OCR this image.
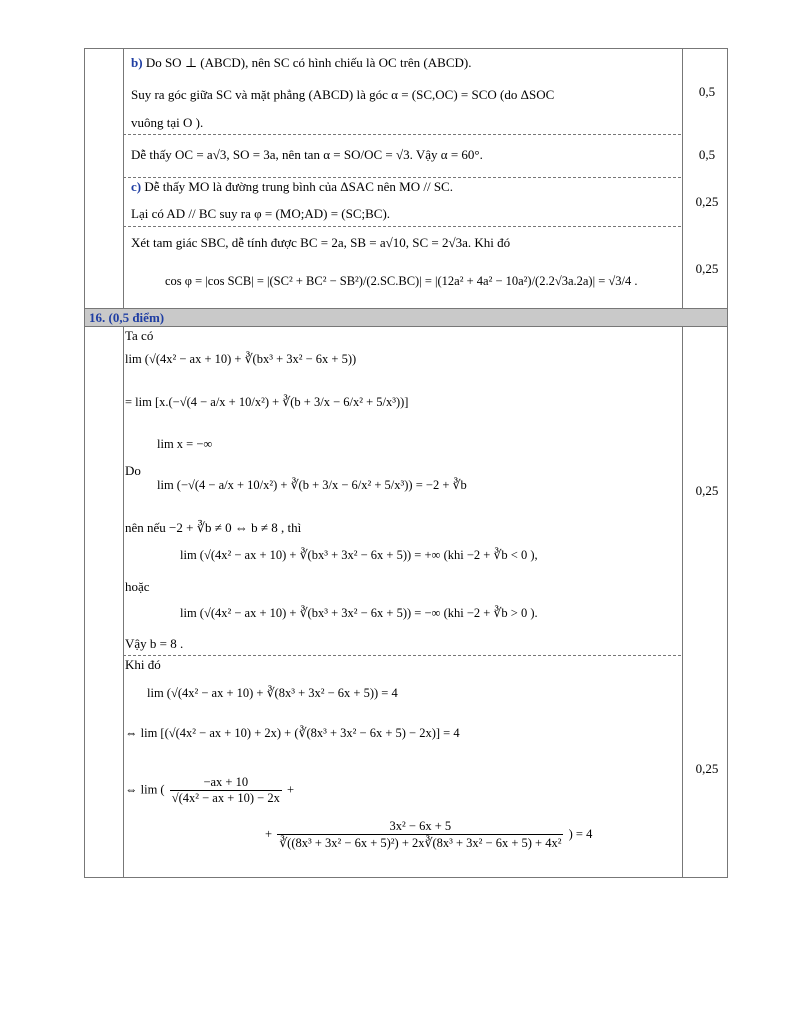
b) Do SO ⊥ (ABCD), nên SC có hình chiếu là OC trên (ABCD).
Suy ra góc giữa SC và mặt phẳng (ABCD) là góc α = (SC,OC) = SCO (do ΔSOC
vuông tại O ).
0,5
Dễ thấy OC = a√3, SO = 3a, nên tan α = SO/OC = √3. Vậy α = 60°.	0,5
c) Dễ thấy MO là đường trung bình của ΔSAC nên MO // SC.
Lại có AD // BC suy ra φ = (MO;AD) = (SC;BC).
0,25
Xét tam giác SBC, dễ tính được BC = 2a, SB = a√10, SC = 2√3a. Khi đó
cos φ = |cos SCB| = |(SC² + BC² − SB²)/(2.SC.BC)| = |(12a² + 4a² − 10a²)/(2.2√3a.2a)| = √3/4 .
0,25
16. (0,5 điểm)
Ta có
lim (√(4x² − ax + 10) + ∛(bx³ + 3x² − 6x + 5))
= lim [x.(−√(4 − a/x + 10/x²) + ∛(b + 3/x − 6/x² + 5/x³))]
Do
lim x = −∞
lim (−√(4 − a/x + 10/x²) + ∛(b + 3/x − 6/x² + 5/x³)) = −2 + ∛b
nên nếu −2 + ∛b ≠ 0 ⇔ b ≠ 8 , thì
lim (√(4x² − ax + 10) + ∛(bx³ + 3x² − 6x + 5)) = +∞ (khi −2 + ∛b < 0 ),
hoặc
lim (√(4x² − ax + 10) + ∛(bx³ + 3x² − 6x + 5)) = −∞ (khi −2 + ∛b > 0 ).
Vậy b = 8 .
0,25
Khi đó
lim (√(4x² − ax + 10) + ∛(8x³ + 3x² − 6x + 5)) = 4
⇔ lim [(√(4x² − ax + 10) + 2x) + (∛(8x³ + 3x² − 6x + 5) − 2x)] = 4
⇔ lim ( $\frac{-ax + 10}{\text{√(4x² − ax + 10) − 2x}}$ +
+ $\frac{\text{3x² − 6x + 5}}{\text{∛((8x³ + 3x² − 6x + 5)²) + 2x∛(8x³ + 3x² − 6x + 5) + 4x²}}$ ) = 4
0,25
